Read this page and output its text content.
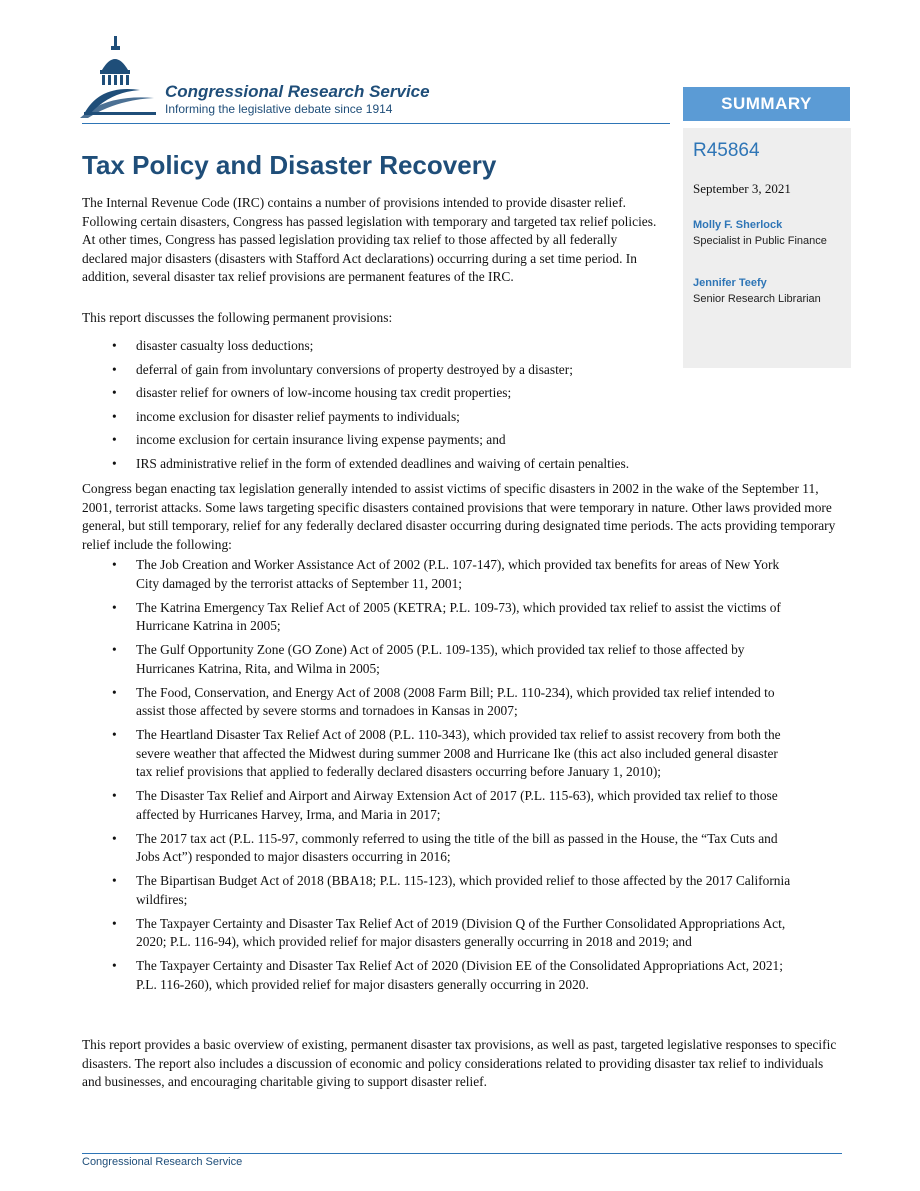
Congressional Research Service
Informing the legislative debate since 1914	SUMMARY
R45864
September 3, 2021
Molly F. Sherlock
Specialist in Public Finance
Jennifer Teefy
Senior Research Librarian
Tax Policy and Disaster Recovery

The Internal Revenue Code (IRC) contains a number of provisions intended to provide disaster relief. Following certain disasters, Congress has passed legislation with temporary and targeted tax relief policies. At other times, Congress has passed legislation providing tax relief to those affected by all federally declared major disasters (disasters with Stafford Act declarations) occurring during a set time period. In addition, several disaster tax relief provisions are permanent features of the IRC.

This report discusses the following permanent provisions:

• disaster casualty loss deductions;
• deferral of gain from involuntary conversions of property destroyed by a disaster;
• disaster relief for owners of low-income housing tax credit properties;
• income exclusion for disaster relief payments to individuals;
• income exclusion for certain insurance living expense payments; and
• IRS administrative relief in the form of extended deadlines and waiving of certain penalties.

Congress began enacting tax legislation generally intended to assist victims of specific disasters in 2002 in the wake of the September 11, 2001, terrorist attacks. Some laws targeting specific disasters contained provisions that were temporary in nature. Other laws provided more general, but still temporary, relief for any federally declared disaster occurring during designated time periods. The acts providing temporary relief include the following:

• The Job Creation and Worker Assistance Act of 2002 (P.L. 107-147), which provided tax benefits for areas of New York City damaged by the terrorist attacks of September 11, 2001;
• The Katrina Emergency Tax Relief Act of 2005 (KETRA; P.L. 109-73), which provided tax relief to assist the victims of Hurricane Katrina in 2005;
• The Gulf Opportunity Zone (GO Zone) Act of 2005 (P.L. 109-135), which provided tax relief to those affected by Hurricanes Katrina, Rita, and Wilma in 2005;
• The Food, Conservation, and Energy Act of 2008 (2008 Farm Bill; P.L. 110-234), which provided tax relief intended to assist those affected by severe storms and tornadoes in Kansas in 2007;
• The Heartland Disaster Tax Relief Act of 2008 (P.L. 110-343), which provided tax relief to assist recovery from both the severe weather that affected the Midwest during summer 2008 and Hurricane Ike (this act also included general disaster tax relief provisions that applied to federally declared disasters occurring before January 1, 2010);
• The Disaster Tax Relief and Airport and Airway Extension Act of 2017 (P.L. 115-63), which provided tax relief to those affected by Hurricanes Harvey, Irma, and Maria in 2017;
• The 2017 tax act (P.L. 115-97, commonly referred to using the title of the bill as passed in the House, the “Tax Cuts and Jobs Act”) responded to major disasters occurring in 2016;
• The Bipartisan Budget Act of 2018 (BBA18; P.L. 115-123), which provided relief to those affected by the 2017 California wildfires;
• The Taxpayer Certainty and Disaster Tax Relief Act of 2019 (Division Q of the Further Consolidated Appropriations Act, 2020; P.L. 116-94), which provided relief for major disasters generally occurring in 2018 and 2019; and
• The Taxpayer Certainty and Disaster Tax Relief Act of 2020 (Division EE of the Consolidated Appropriations Act, 2021; P.L. 116-260), which provided relief for major disasters generally occurring in 2020.

This report provides a basic overview of existing, permanent disaster tax provisions, as well as past, targeted legislative responses to specific disasters. The report also includes a discussion of economic and policy considerations related to providing disaster tax relief to individuals and businesses, and encouraging charitable giving to support disaster relief.

Congressional Research Service
